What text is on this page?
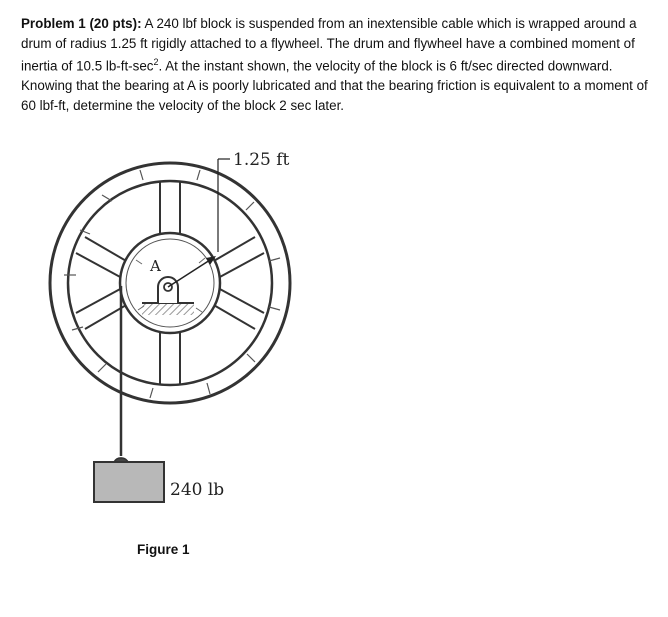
Problem 1 (20 pts): A 240 lbf block is suspended from an inextensible cable which is wrapped around a drum of radius 1.25 ft rigidly attached to a flywheel. The drum and flywheel have a combined moment of inertia of 10.5 $lb-ft-\sec^2$. At the instant shown, the velocity of the block is 6 ft/sec directed downward. Knowing that the bearing at A is poorly lubricated and that the bearing friction is equivalent to a moment of 60 lbf-ft, determine the velocity of the block 2 sec later.
A
1.25 ft
240 lb
Figure 1
